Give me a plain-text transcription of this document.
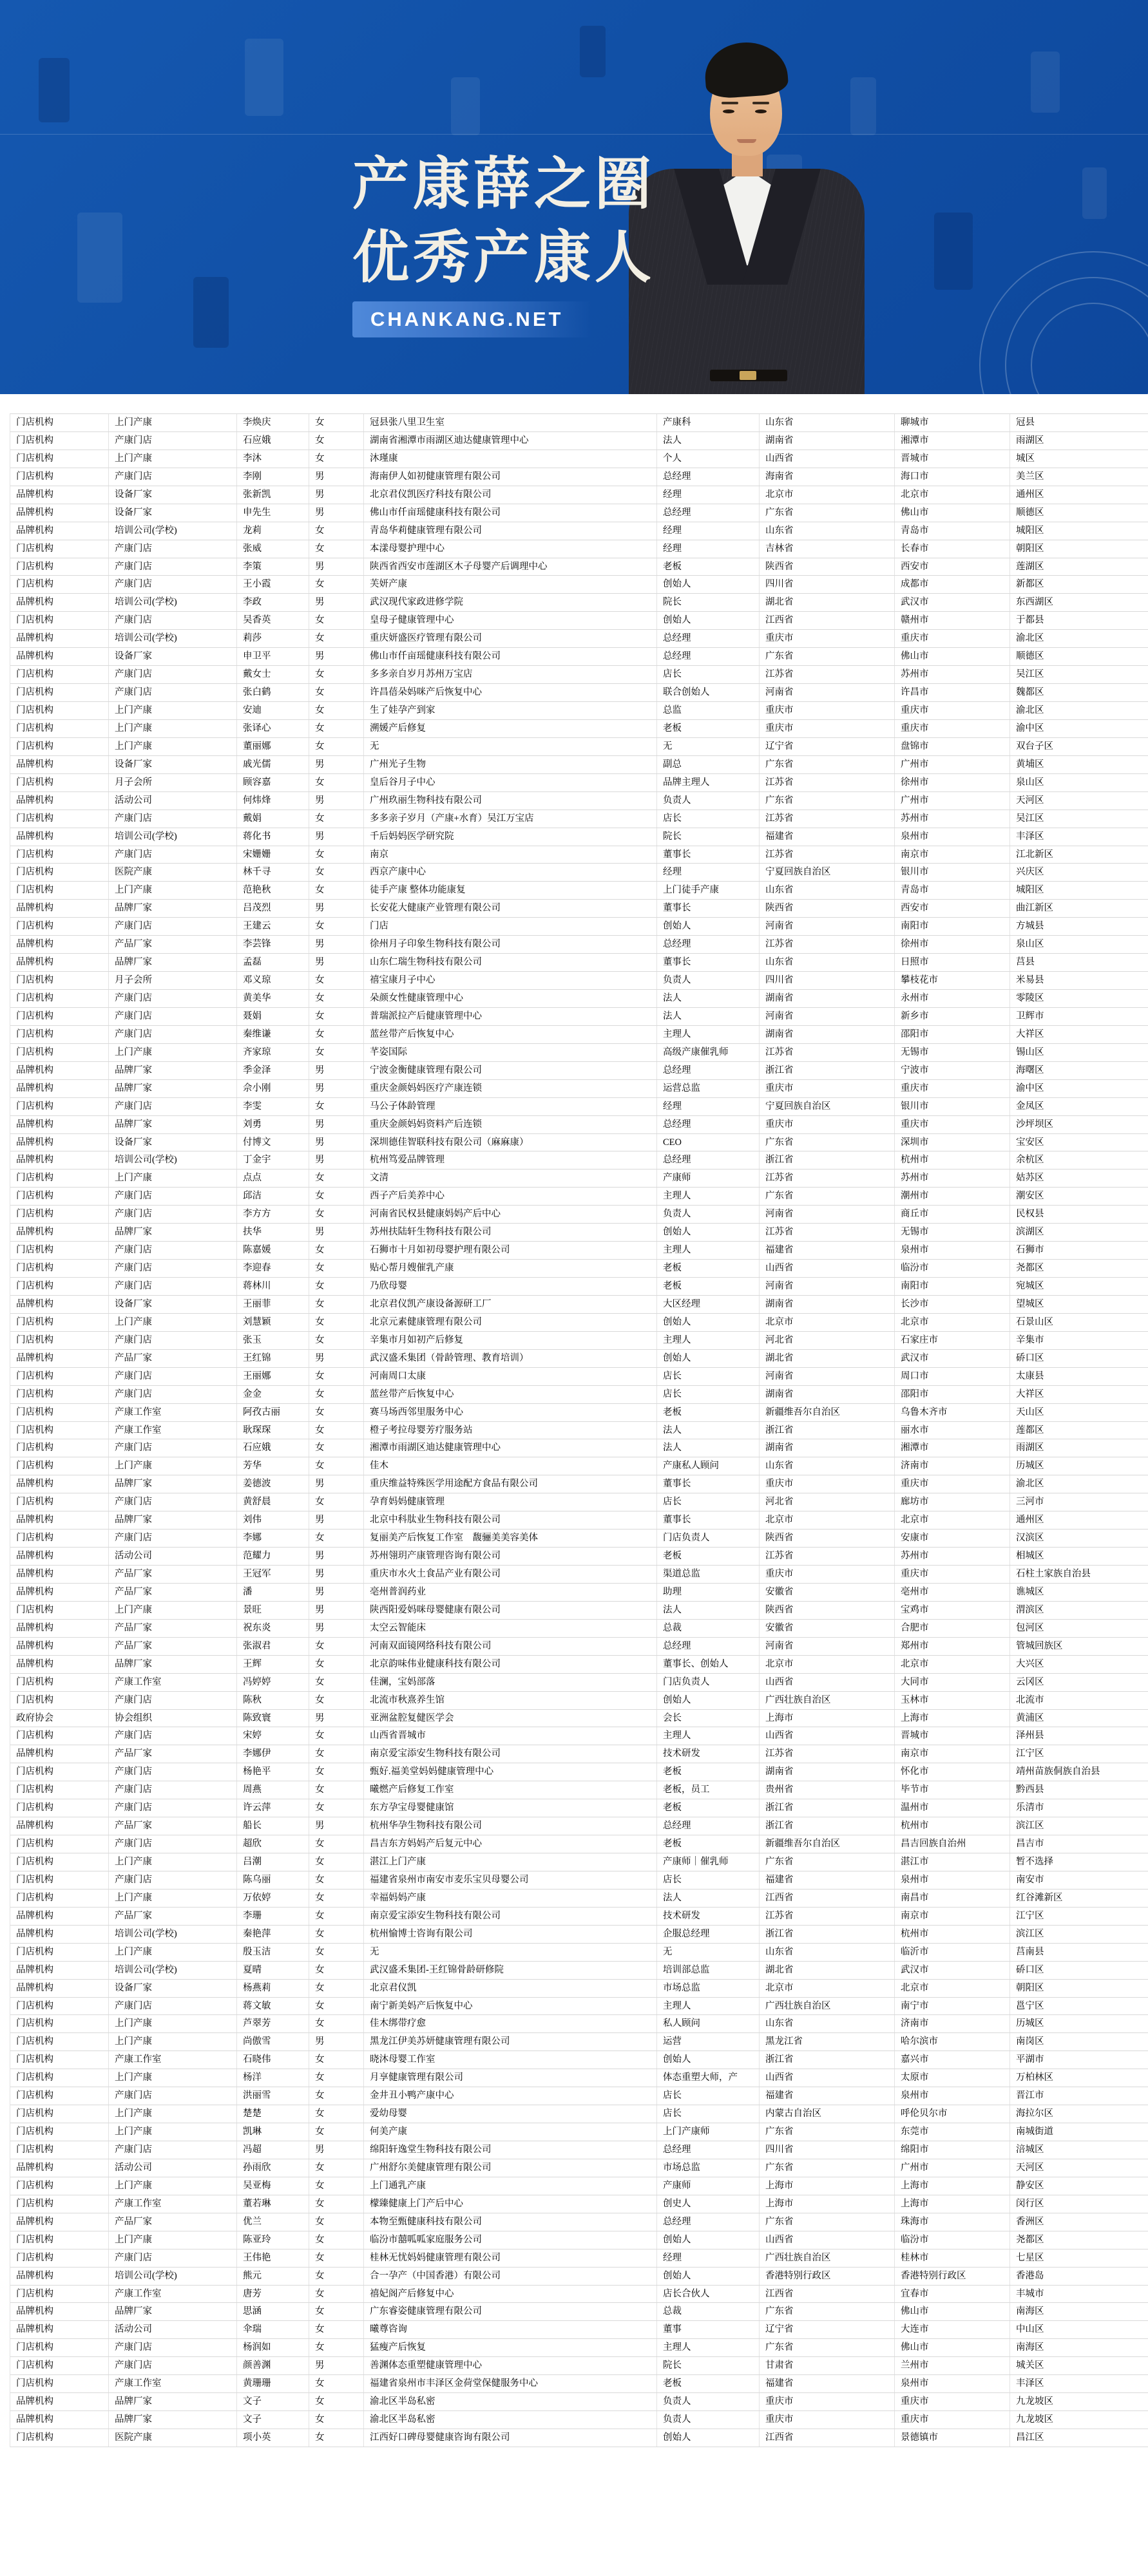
产康薛之圈
优秀产康人
CHANKANG.NET
门店机构	上门产康	李焕庆	女	冠县张八里卫生室	产康科	山东省	聊城市	冠县
门店机构	产康门店	石应娥	女	湖南省湘潭市雨湖区迪达健康管理中心	法人	湖南省	湘潭市	雨湖区
门店机构	上门产康	李沐	女	沐瑾康	个人	山西省	晋城市	城区
门店机构	产康门店	李刚	男	海南伊人如初健康管理有限公司	总经理	海南省	海口市	美兰区
品牌机构	设备厂家	张新凯	男	北京君仪凯医疗科技有限公司	经理	北京市	北京市	通州区
品牌机构	设备厂家	申先生	男	佛山市仟亩瑶健康科技有限公司	总经理	广东省	佛山市	顺德区
品牌机构	培训公司(学校)	龙莉	女	青岛华莉健康管理有限公司	经理	山东省	青岛市	城阳区
门店机构	产康门店	张威	女	本漾母婴护理中心	经理	吉林省	长春市	朝阳区
门店机构	产康门店	李策	男	陕西省西安市莲湖区木子母婴产后调理中心	老板	陕西省	西安市	莲湖区
门店机构	产康门店	王小霞	女	芙妍产康	创始人	四川省	成都市	新都区
品牌机构	培训公司(学校)	李政	男	武汉现代家政进修学院	院长	湖北省	武汉市	东西湖区
门店机构	产康门店	吴香英	女	皇母子健康管理中心	创始人	江西省	赣州市	于都县
品牌机构	培训公司(学校)	莉莎	女	重庆妍盛医疗管理有限公司	总经理	重庆市	重庆市	渝北区
品牌机构	设备厂家	申卫平	男	佛山市仟亩瑶健康科技有限公司	总经理	广东省	佛山市	顺德区
门店机构	产康门店	戴女士	女	多多亲自岁月苏州万宝店	店长	江苏省	苏州市	吴江区
门店机构	产康门店	张白鹤	女	许昌蓓朵妈咪产后恢复中心	联合创始人	河南省	许昌市	魏都区
门店机构	上门产康	安迪	女	生了娃孕产到家	总监	重庆市	重庆市	渝北区
门店机构	上门产康	张译心	女	溯媛产后修复	老板	重庆市	重庆市	渝中区
门店机构	上门产康	董丽娜	女	无	无	辽宁省	盘锦市	双台子区
品牌机构	设备厂家	戚光儒	男	广州光子生物	副总	广东省	广州市	黄埔区
门店机构	月子会所	顾容嘉	女	皇后谷月子中心	品牌主理人	江苏省	徐州市	泉山区
品牌机构	活动公司	何炜烽	男	广州玖丽生物科技有限公司	负责人	广东省	广州市	天河区
门店机构	产康门店	戴娟	女	多多亲子岁月（产康+水育）吴江万宝店	店长	江苏省	苏州市	吴江区
品牌机构	培训公司(学校)	蒋化书	男	千后妈妈医学研究院	院长	福建省	泉州市	丰泽区
门店机构	产康门店	宋姗姗	女	南京	董事长	江苏省	南京市	江北新区
门店机构	医院产康	林千寻	女	西京产康中心	经理	宁夏回族自治区	银川市	兴庆区
门店机构	上门产康	范艳秋	女	徒手产康 整体功能康复	上门徒手产康	山东省	青岛市	城阳区
品牌机构	品牌厂家	吕茂烈	男	长安花大健康产业管理有限公司	董事长	陕西省	西安市	曲江新区
门店机构	产康门店	王建云	女	门店	创始人	河南省	南阳市	方城县
品牌机构	产品厂家	李芸锋	男	徐州月子印象生物科技有限公司	总经理	江苏省	徐州市	泉山区
品牌机构	品牌厂家	孟磊	男	山东仁瑞生物科技有限公司	董事长	山东省	日照市	莒县
门店机构	月子会所	邓义琼	女	禧宝康月子中心	负责人	四川省	攀枝花市	米易县
门店机构	产康门店	黄美华	女	朵颜女性健康管理中心	法人	湖南省	永州市	零陵区
门店机构	产康门店	聂娟	女	普瑞派拉产后健康管理中心	法人	河南省	新乡市	卫辉市
门店机构	产康门店	秦维谦	女	蓝丝带产后恢复中心	主理人	湖南省	邵阳市	大祥区
门店机构	上门产康	齐家琼	女	芊姿国际	高级产康催乳师	江苏省	无锡市	锡山区
品牌机构	品牌厂家	季金泽	男	宁波金衡健康管理有限公司	总经理	浙江省	宁波市	海曙区
品牌机构	品牌厂家	佘小刚	男	重庆金颜妈妈医疗产康连锁	运营总监	重庆市	重庆市	渝中区
门店机构	产康门店	李雯	女	马公子体龄管理	经理	宁夏回族自治区	银川市	金凤区
品牌机构	品牌厂家	刘勇	男	重庆金颜妈妈资料产后连锁	总经理	重庆市	重庆市	沙坪坝区
品牌机构	设备厂家	付博文	男	深圳德佳智联科技有限公司（麻麻康）	CEO	广东省	深圳市	宝安区
品牌机构	培训公司(学校)	丁金宇	男	杭州笃爱品牌管理	总经理	浙江省	杭州市	余杭区
门店机构	上门产康	点点	女	文清	产康师	江苏省	苏州市	姑苏区
门店机构	产康门店	邱洁	女	西子产后美养中心	主理人	广东省	潮州市	潮安区
门店机构	产康门店	李方方	女	河南省民权县健康妈妈产后中心	负责人	河南省	商丘市	民权县
品牌机构	品牌厂家	扶华	男	苏州扶陆轩生物科技有限公司	创始人	江苏省	无锡市	滨湖区
门店机构	产康门店	陈嘉媛	女	石狮市十月如初母婴护理有限公司	主理人	福建省	泉州市	石狮市
门店机构	产康门店	李迎春	女	贴心帮月嫂催乳产康	老板	山西省	临汾市	尧都区
门店机构	产康门店	蒋林川	女	乃欣母婴	老板	河南省	南阳市	宛城区
品牌机构	设备厂家	王丽菲	女	北京君仪凯产康设备源研工厂	大区经理	湖南省	长沙市	望城区
门店机构	上门产康	刘慧颖	女	北京元素健康管理有限公司	创始人	北京市	北京市	石景山区
门店机构	产康门店	张玉	女	辛集市月如初产后修复	主理人	河北省	石家庄市	辛集市
品牌机构	产品厂家	王红锦	男	武汉盛禾集团（骨龄管理、教育培训）	创始人	湖北省	武汉市	硚口区
门店机构	产康门店	王丽娜	女	河南周口太康	店长	河南省	周口市	太康县
门店机构	产康门店	金金	女	蓝丝带产后恢复中心	店长	湖南省	邵阳市	大祥区
门店机构	产康工作室	阿孜古丽	女	赛马场西邻里服务中心	老板	新疆维吾尔自治区	乌鲁木齐市	天山区
门店机构	产康工作室	耿琛琛	女	橙子考拉母婴芳疗服务站	法人	浙江省	丽水市	莲都区
门店机构	产康门店	石应娥	女	湘潭市雨湖区迪达健康管理中心	法人	湖南省	湘潭市	雨湖区
门店机构	上门产康	芳华	女	佳木	产康私人顾问	山东省	济南市	历城区
品牌机构	品牌厂家	姜德波	男	重庆维益特殊医学用途配方食品有限公司	董事长	重庆市	重庆市	渝北区
门店机构	产康门店	黄舒晨	女	孕育妈妈健康管理	店长	河北省	廊坊市	三河市
品牌机构	品牌厂家	刘伟	男	北京中科肽业生物科技有限公司	董事长	北京市	北京市	通州区
门店机构	产康门店	李娜	女	复丽美产后恢复工作室　馥骊美美容美体	门店负责人	陕西省	安康市	汉滨区
品牌机构	活动公司	范耀力	男	苏州翎玥产康管理咨询有限公司	老板	江苏省	苏州市	相城区
品牌机构	产品厂家	王冠军	男	重庆市水火土食品产业有限公司	渠道总监	重庆市	重庆市	石柱土家族自治县
品牌机构	产品厂家	潘	男	亳州普润药业	助理	安徽省	亳州市	谯城区
门店机构	上门产康	景旺	男	陕西阳爱妈咪母婴健康有限公司	法人	陕西省	宝鸡市	渭滨区
品牌机构	产品厂家	祝东炎	男	太空云智能床	总裁	安徽省	合肥市	包河区
品牌机构	产品厂家	张淑君	女	河南双面镜网络科技有限公司	总经理	河南省	郑州市	管城回族区
品牌机构	品牌厂家	王辉	女	北京韵味伟业健康科技有限公司	董事长、创始人	北京市	北京市	大兴区
门店机构	产康工作室	冯婷婷	女	佳澜，宝妈部落	门店负责人	山西省	大同市	云冈区
门店机构	产康门店	陈秋	女	北流市秋熹养生馆	创始人	广西壮族自治区	玉林市	北流市
政府协会	协会组织	陈致寰	男	亚洲盆腔复健医学会	会长	上海市	上海市	黄浦区
门店机构	产康门店	宋婷	女	山西省晋城市	主理人	山西省	晋城市	泽州县
品牌机构	产品厂家	李娜伊	女	南京爱宝添安生物科技有限公司	技术研发	江苏省	南京市	江宁区
门店机构	产康门店	杨艳平	女	甄好.福美堂妈妈健康管理中心	老板	湖南省	怀化市	靖州苗族侗族自治县
门店机构	产康门店	周燕	女	曦燃产后修复工作室	老板，员工	贵州省	毕节市	黔西县
门店机构	产康门店	许云萍	女	东方孕宝母婴健康馆	老板	浙江省	温州市	乐清市
品牌机构	产品厂家	船长	男	杭州华孕生物科技有限公司	总经理	浙江省	杭州市	滨江区
门店机构	产康门店	超欣	女	昌吉东方妈妈产后复元中心	老板	新疆维吾尔自治区	昌吉回族自治州	昌吉市
门店机构	上门产康	吕潮	女	湛江上门产康	产康师｜催乳师	广东省	湛江市	暂不选择
门店机构	产康门店	陈乌丽	女	福建省泉州市南安市麦乐宝贝母婴公司	店长	福建省	泉州市	南安市
门店机构	上门产康	万依婷	女	幸福妈妈产康	法人	江西省	南昌市	红谷滩新区
品牌机构	产品厂家	李珊	女	南京爱宝添安生物科技有限公司	技术研发	江苏省	南京市	江宁区
品牌机构	培训公司(学校)	秦艳萍	女	杭州愉博士咨询有限公司	企服总经理	浙江省	杭州市	滨江区
门店机构	上门产康	殷玉洁	女	无	无	山东省	临沂市	莒南县
品牌机构	培训公司(学校)	夏晴	女	武汉盛禾集团-王红锦骨龄研修院	培训部总监	湖北省	武汉市	硚口区
品牌机构	设备厂家	杨燕莉	女	北京君仪凯	市场总监	北京市	北京市	朝阳区
门店机构	产康门店	蒋文敏	女	南宁新美妈产后恢复中心	主理人	广西壮族自治区	南宁市	邕宁区
门店机构	上门产康	芦翠芳	女	佳木绑带疗愈	私人顾问	山东省	济南市	历城区
门店机构	上门产康	尚傲雪	男	黑龙江伊美苏妍健康管理有限公司	运营	黑龙江省	哈尔滨市	南岗区
门店机构	产康工作室	石晓伟	女	晓沐母婴工作室	创始人	浙江省	嘉兴市	平湖市
门店机构	上门产康	杨洋	女	月享健康管理有限公司	体态重塑大师，产	山西省	太原市	万柏林区
门店机构	产康门店	洪丽雪	女	金井丑小鸭产康中心	店长	福建省	泉州市	晋江市
门店机构	上门产康	楚楚	女	爱幼母婴	店长	内蒙古自治区	呼伦贝尔市	海拉尔区
门店机构	上门产康	凯琳	女	何美产康	上门产康师	广东省	东莞市	南城街道
门店机构	产康门店	冯超	男	绵阳轩逸堂生物科技有限公司	总经理	四川省	绵阳市	涪城区
品牌机构	活动公司	孙雨欣	女	广州舒尔美健康管理有限公司	市场总监	广东省	广州市	天河区
门店机构	上门产康	吴亚梅	女	上门通乳产康	产康师	上海市	上海市	静安区
门店机构	产康工作室	董若琳	女	檬臻健康上门产后中心	创史人	上海市	上海市	闵行区
品牌机构	产品厂家	优兰	女	本物至甄健康科技有限公司	总经理	广东省	珠海市	香洲区
门店机构	上门产康	陈亚玲	女	临汾市囍呱呱家庭服务公司	创始人	山西省	临汾市	尧都区
门店机构	产康门店	王伟艳	女	桂林无忧妈妈健康管理有限公司	经理	广西壮族自治区	桂林市	七星区
品牌机构	培训公司(学校)	熊元	女	合一孕产（中国香港）有限公司	创始人	香港特别行政区	香港特别行政区	香港岛
门店机构	产康工作室	唐芳	女	禧妃阁产后修复中心	店长合伙人	江西省	宜春市	丰城市
品牌机构	品牌厂家	思涵	女	广东睿姿健康管理有限公司	总裁	广东省	佛山市	南海区
品牌机构	活动公司	伞瑞	女	曦尊咨询	董事	辽宁省	大连市	中山区
门店机构	产康门店	杨润如	女	猛瘦产后恢复	主理人	广东省	佛山市	南海区
门店机构	产康门店	颜善渊	男	善渊体态重塑健康管理中心	院长	甘肃省	兰州市	城关区
门店机构	产康工作室	黄珊珊	女	福建省泉州市丰泽区金荷堂保健服务中心	老板	福建省	泉州市	丰泽区
品牌机构	品牌厂家	文子	女	渝北区半岛私密	负责人	重庆市	重庆市	九龙坡区
品牌机构	品牌厂家	文子	女	渝北区半岛私密	负责人	重庆市	重庆市	九龙坡区
门店机构	医院产康	项小英	女	江西好口碑母婴健康咨询有限公司	创始人	江西省	景德镇市	昌江区
